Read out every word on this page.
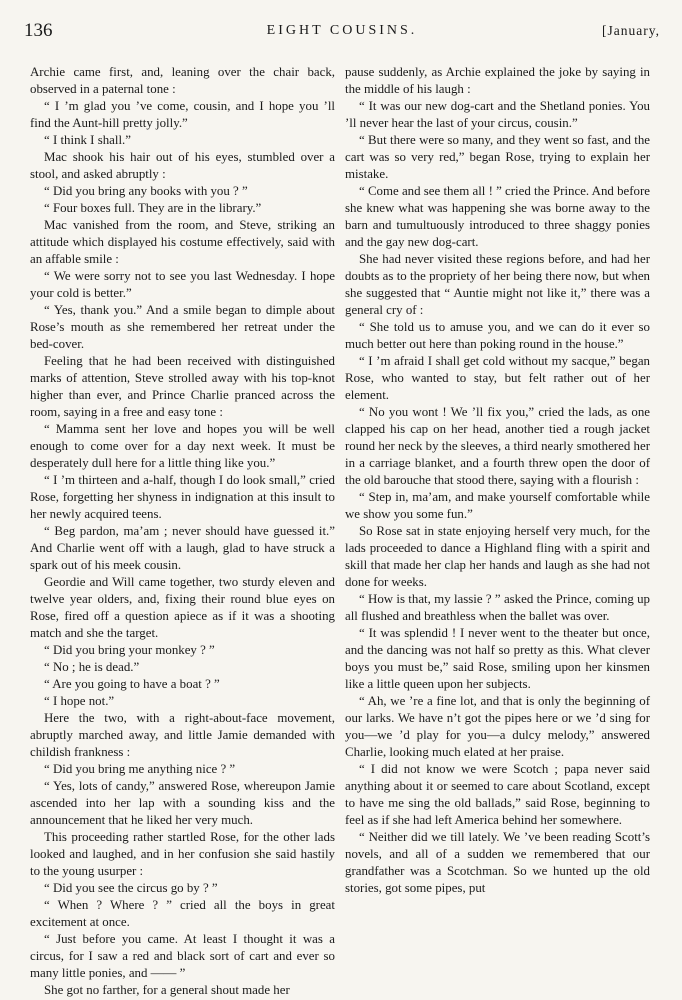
136	EIGHT COUSINS.	[January,

Archie came first, and, leaning over the chair back, observed in a paternal tone :

“ I ’m glad you ’ve come, cousin, and I hope you ’ll find the Aunt-hill pretty jolly.”

“ I think I shall.”

Mac shook his hair out of his eyes, stumbled over a stool, and asked abruptly :

“ Did you bring any books with you ? ”

“ Four boxes full. They are in the library.”

Mac vanished from the room, and Steve, striking an attitude which displayed his costume effectively, said with an affable smile :

“ We were sorry not to see you last Wednesday. I hope your cold is better.”

“ Yes, thank you.” And a smile began to dimple about Rose’s mouth as she remembered her retreat under the bed-cover.

Feeling that he had been received with distinguished marks of attention, Steve strolled away with his top-knot higher than ever, and Prince Charlie pranced across the room, saying in a free and easy tone :

“ Mamma sent her love and hopes you will be well enough to come over for a day next week. It must be desperately dull here for a little thing like you.”

“ I ’m thirteen and a-half, though I do look small,” cried Rose, forgetting her shyness in indignation at this insult to her newly acquired teens.

“ Beg pardon, ma’am ; never should have guessed it.” And Charlie went off with a laugh, glad to have struck a spark out of his meek cousin.

Geordie and Will came together, two sturdy eleven and twelve year olders, and, fixing their round blue eyes on Rose, fired off a question apiece as if it was a shooting match and she the target.

“ Did you bring your monkey ? ”

“ No ; he is dead.”

“ Are you going to have a boat ? ”

“ I hope not.”

Here the two, with a right-about-face movement, abruptly marched away, and little Jamie demanded with childish frankness :

“ Did you bring me anything nice ? ”

“ Yes, lots of candy,” answered Rose, whereupon Jamie ascended into her lap with a sounding kiss and the announcement that he liked her very much.

This proceeding rather startled Rose, for the other lads looked and laughed, and in her confusion she said hastily to the young usurper :

“ Did you see the circus go by ? ”

“ When ? Where ? ” cried all the boys in great excitement at once.

“ Just before you came. At least I thought it was a circus, for I saw a red and black sort of cart and ever so many little ponies, and —— ”

She got no farther, for a general shout made her

pause suddenly, as Archie explained the joke by saying in the middle of his laugh :

“ It was our new dog-cart and the Shetland ponies. You ’ll never hear the last of your circus, cousin.”

“ But there were so many, and they went so fast, and the cart was so very red,” began Rose, trying to explain her mistake.

“ Come and see them all ! ” cried the Prince. And before she knew what was happening she was borne away to the barn and tumultuously introduced to three shaggy ponies and the gay new dog-cart.

She had never visited these regions before, and had her doubts as to the propriety of her being there now, but when she suggested that “ Auntie might not like it,” there was a general cry of :

“ She told us to amuse you, and we can do it ever so much better out here than poking round in the house.”

“ I ’m afraid I shall get cold without my sacque,” began Rose, who wanted to stay, but felt rather out of her element.

“ No you wont ! We ’ll fix you,” cried the lads, as one clapped his cap on her head, another tied a rough jacket round her neck by the sleeves, a third nearly smothered her in a carriage blanket, and a fourth threw open the door of the old barouche that stood there, saying with a flourish :

“ Step in, ma’am, and make yourself comfortable while we show you some fun.”

So Rose sat in state enjoying herself very much, for the lads proceeded to dance a Highland fling with a spirit and skill that made her clap her hands and laugh as she had not done for weeks.

“ How is that, my lassie ? ” asked the Prince, coming up all flushed and breathless when the ballet was over.

“ It was splendid ! I never went to the theater but once, and the dancing was not half so pretty as this. What clever boys you must be,” said Rose, smiling upon her kinsmen like a little queen upon her subjects.

“ Ah, we ’re a fine lot, and that is only the beginning of our larks. We have n’t got the pipes here or we ’d sing for you—we ’d play for you—a dulcy melody,” answered Charlie, looking much elated at her praise.

“ I did not know we were Scotch ; papa never said anything about it or seemed to care about Scotland, except to have me sing the old ballads,” said Rose, beginning to feel as if she had left America behind her somewhere.

“ Neither did we till lately. We ’ve been reading Scott’s novels, and all of a sudden we remembered that our grandfather was a Scotchman. So we hunted up the old stories, got some pipes, put
